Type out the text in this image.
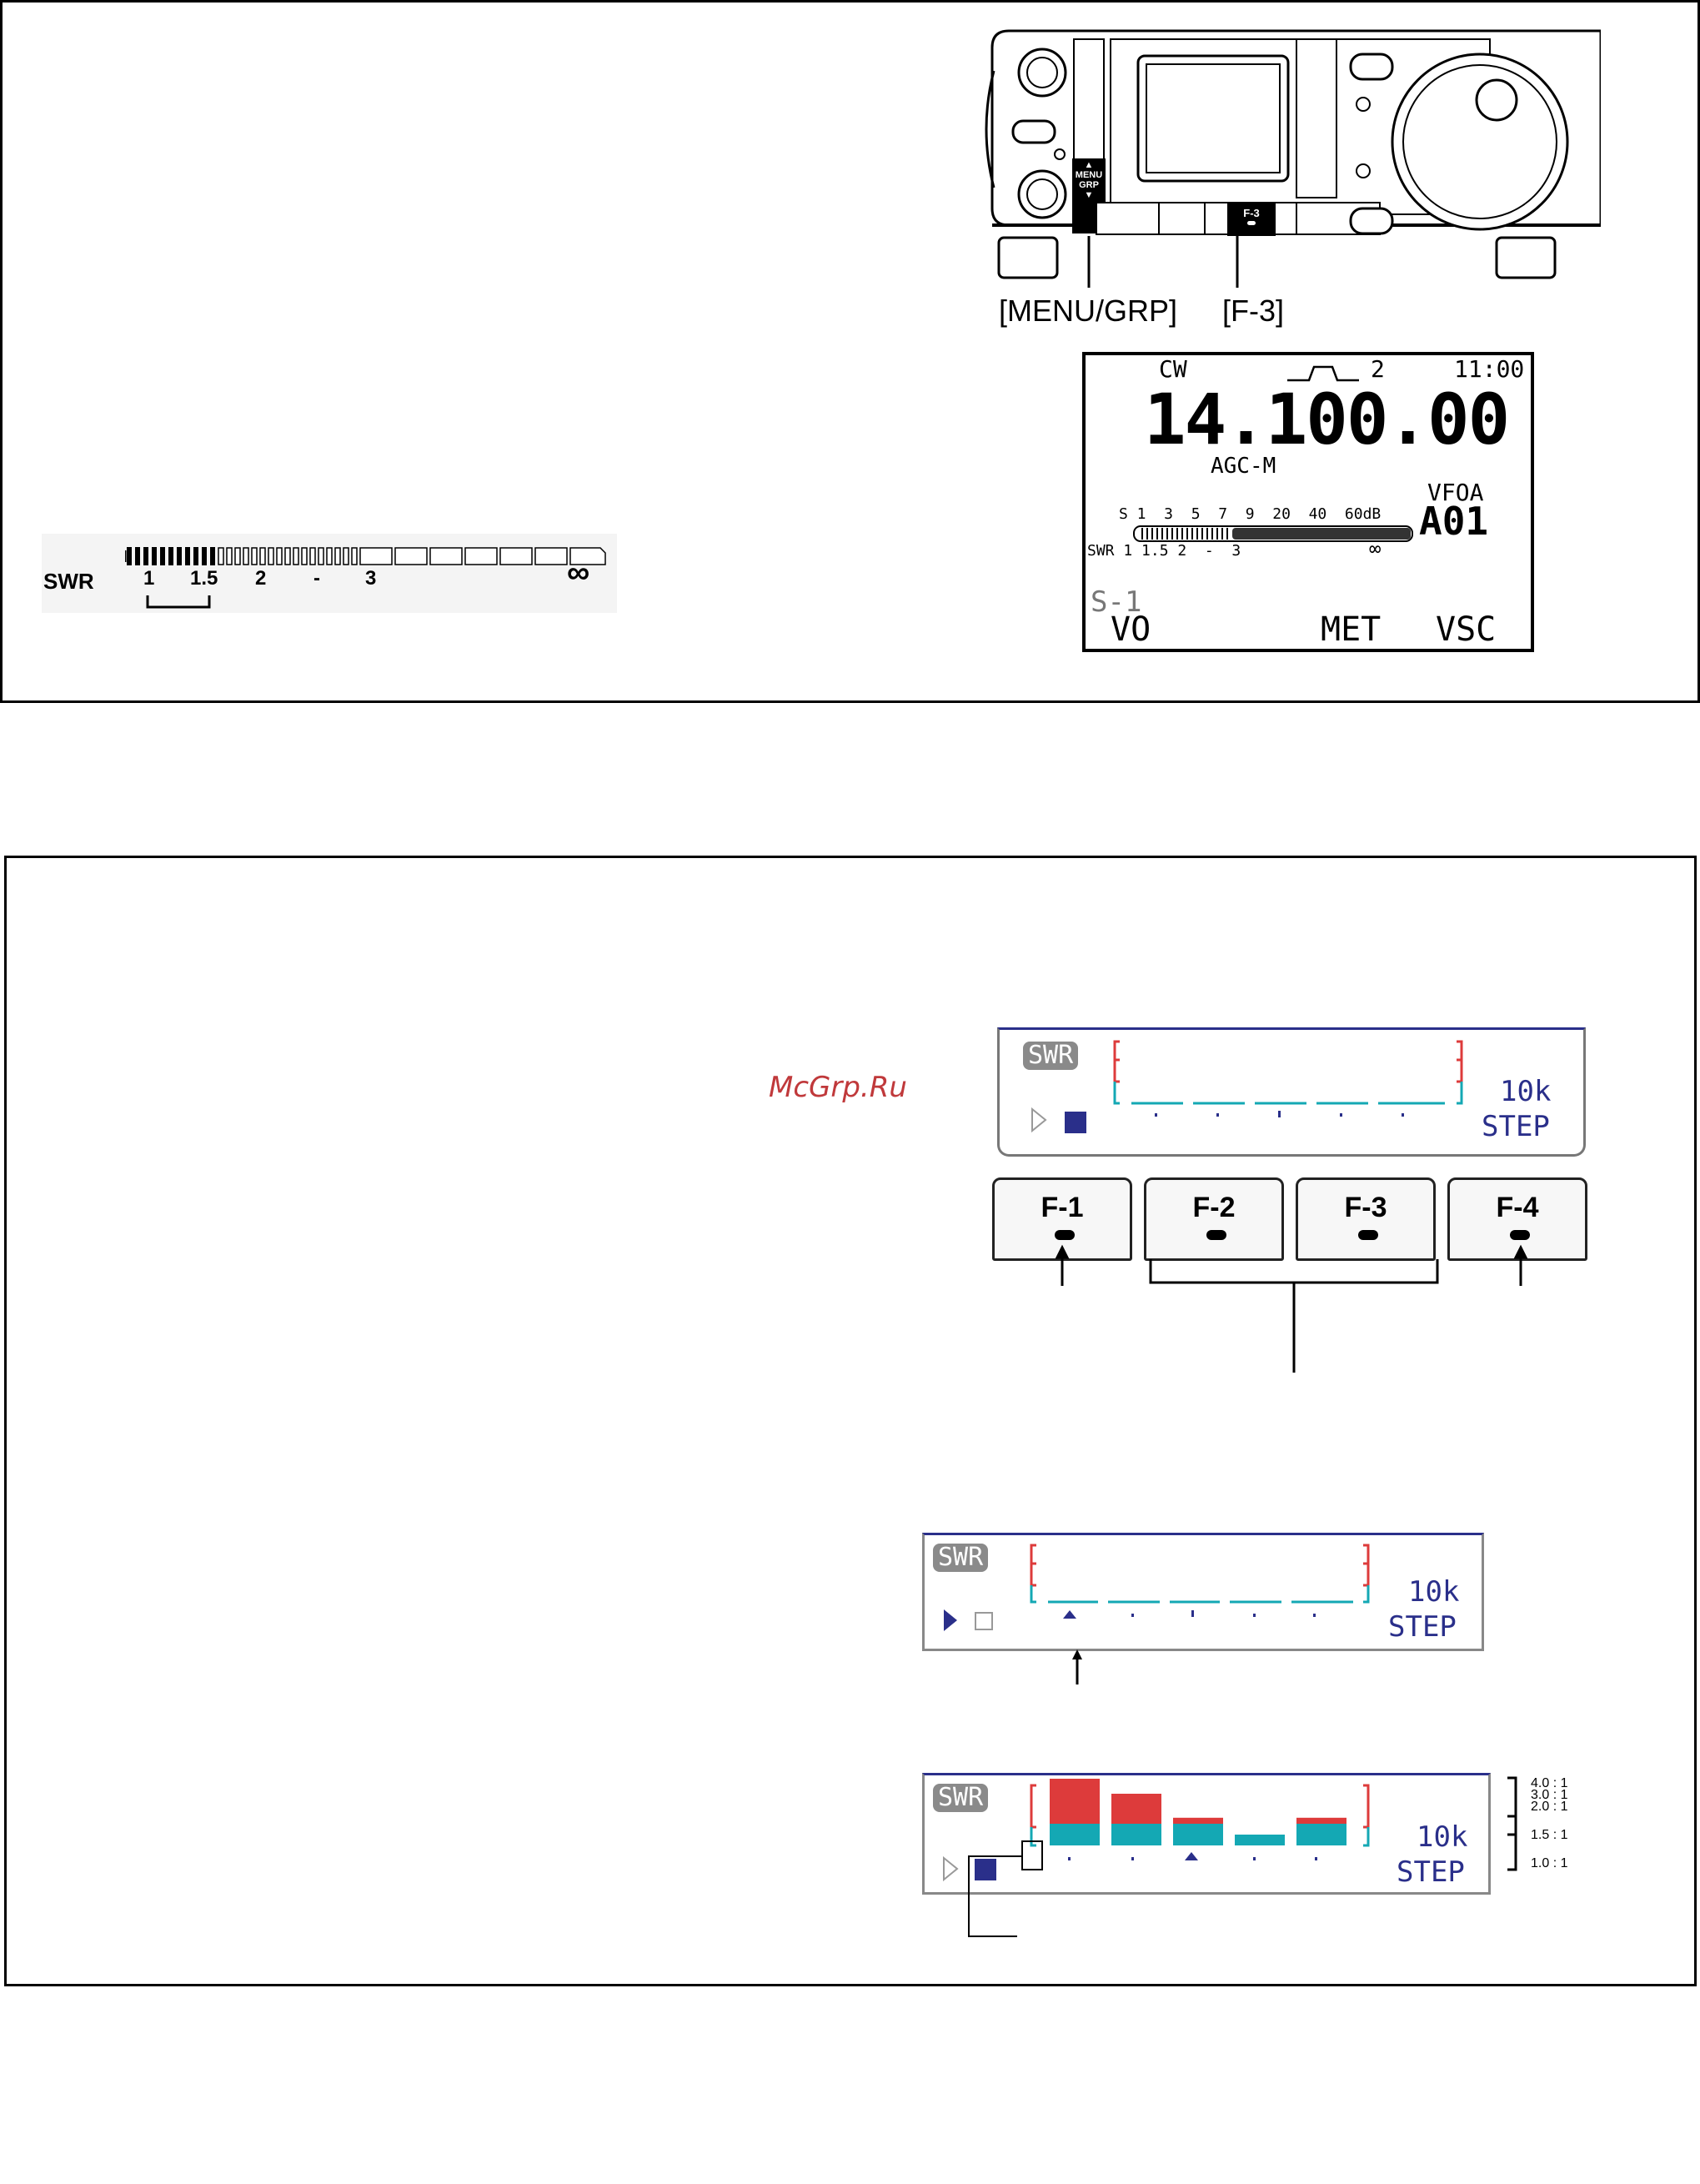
▲
MENU
GRP
▼
F-3
[MENU/GRP] [F-3]
SWR 1 1.5 2 - 3	∞
CW	2	11:00
14.100.00
AGC-M
VFOA
A01
S 1  3  5  7  9  20  40  60dB
SWR 1 1.5 2  -  3	∞
S-1
VO	MET VSC
McGrp.Ru
SWR
10k
STEP
F-1	F-2	F-3	F-4
SWR
10k
STEP
SWR
10k
STEP
4.0 : 1
3.0 : 1
2.0 : 1
1.5 : 1
1.0 : 1
